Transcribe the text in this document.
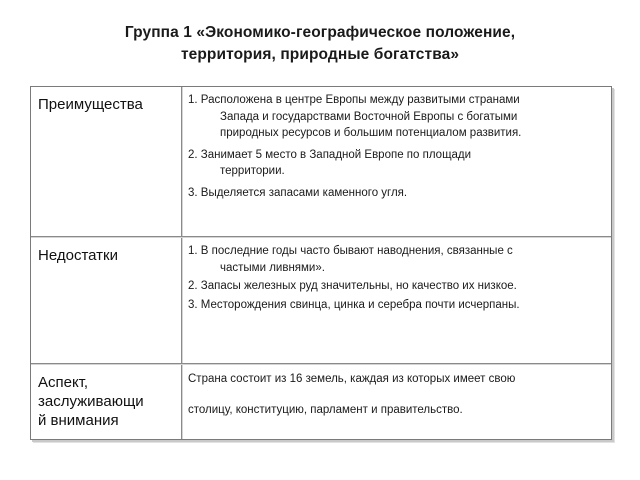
Группа 1 «Экономико-географическое положение,
территория, природные богатства»
Преимущества	1. Расположена в центре Европы между развитыми странами
Запада и государствами Восточной Европы с богатыми
природных ресурсов и большим потенциалом развития.
2. Занимает 5 место в Западной Европе по площади
территории.
3. Выделяется запасами каменного угля.
Недостатки	1. В последние годы часто бывают наводнения, связанные с
частыми ливнями».
2. Запасы железных руд значительны, но качество их низкое.
3. Месторождения свинца, цинка и серебра почти исчерпаны.
Аспект,
заслуживающи
й внимания
Страна состоит из 16 земель, каждая из которых имеет свою
столицу, конституцию, парламент и правительство.
